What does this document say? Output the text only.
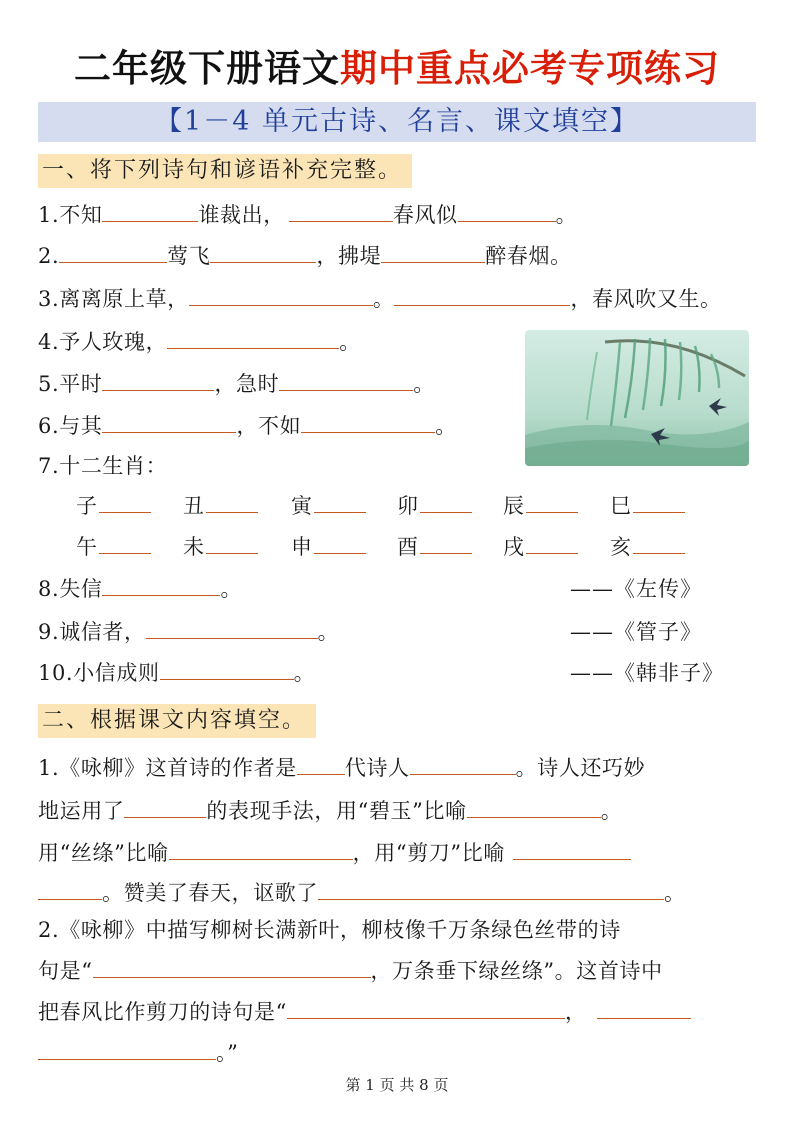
二年级下册语文期中重点必考专项练习
【1－4 单元古诗、名言、课文填空】
一、将下列诗句和谚语补充完整。
1.不知	谁裁出，	春风似	。
2.	莺飞	，拂堤	醉春烟。
3.离离原上草，	。	，春风吹又生。
4.予人玫瑰，	。
5.平时	，急时	。
6.与其	，不如	。
7.十二生肖：
子	丑	寅	卯	辰	巳
午	未	申	酉	戌	亥
8.失信	。	——《左传》
9.诚信者，	。	——《管子》
10.小信成则	。	——《韩非子》
二、根据课文内容填空。
1.《咏柳》这首诗的作者是 代诗人	。诗人还巧妙
地运用了	的表现手法，用“碧玉”比喻	。
用“丝绦”比喻	，用“剪刀”比喻
。赞美了春天，讴歌了	。
2.《咏柳》中描写柳树长满新叶，柳枝像千万条绿色丝带的诗
句是“	，万条垂下绿丝绦”。这首诗中
把春风比作剪刀的诗句是“	，
。”
第 1 页 共 8 页
